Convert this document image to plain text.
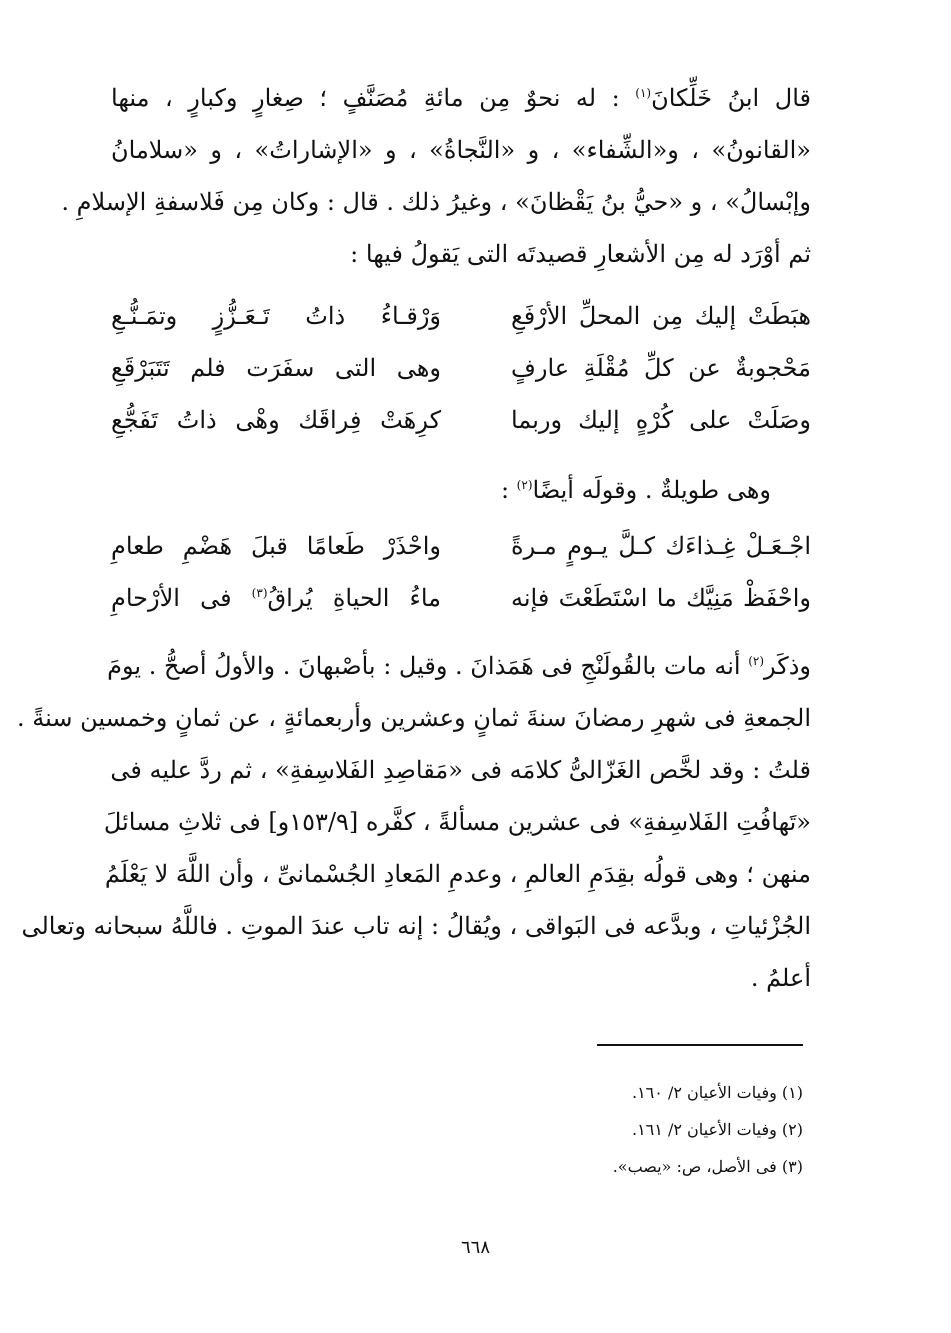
قال ابنُ خَلِّكانَ$^{(١)}$ : له نحوٌ مِن مائةِ مُصَنَّفٍ ؛ صِغارٍ وكبارٍ ، منها
«القانونُ» ، و«الشِّفاء» ، و «النَّجاةُ» ، و «الإشاراتُ» ، و «سلامانُ
وإبْسالُ» ، و «حيُّ بنُ يَقْظانَ» ، وغيرُ ذلك . قال : وكان مِن فَلاسفةِ الإسلامِ .
ثم أوْرَد له مِن الأشعارِ قصيدتَه التى يَقولُ فيها :
هبَطَتْ إليك مِن المحلِّ الأرْفَعِ
وَرْقـاءُ ذاتُ تَـعَـزُّزٍ وتمَـنُّـعِ
مَحْجوبةٌ عن كلِّ مُقْلَةِ عارفٍ
وهى التى سفَرَت فلم تَتَبَرْقَعِ
وصَلَتْ على كُرْهٍ إليك وربما
كرِهَتْ فِراقَك وهْى ذاتُ تَفَجُّعِ
وهى طويلةٌ . وقولَه أيضًا$^{(٢)}$ :
اجْـعَـلْ غِـذاءَك كـلَّ يـومٍ مـرةً
واحْذَرْ طَعامًا قبلَ هَضْمِ طعامِ
واحْفَظْ مَنِيَّك ما اسْتَطَعْتَ فإنه
ماءُ الحياةِ يُراقُ$^{(٣)}$ فى الأرْحامِ
وذكَر$^{(٢)}$ أنه مات بالقُولَنْجِ فى هَمَذانَ . وقيل : بأصْبهانَ . والأولُ أصحُّ . يومَ
الجمعةِ فى شهرِ رمضانَ سنةَ ثمانٍ وعشرين وأربعمائةٍ ، عن ثمانٍ وخمسين سنةً .
قلتُ : وقد لخَّص الغَزّالىُّ كلامَه فى «مَقاصِدِ الفَلاسِفةِ» ، ثم ردَّ عليه فى
«تَهافُتِ الفَلاسِفةِ» فى عشرين مسألةً ، كفَّره [١٥٣/٩و] فى ثلاثِ مسائلَ
منهن ؛ وهى قولُه بقِدَمِ العالمِ ، وعدمِ المَعادِ الجُسْمانىِّ ، وأن اللَّهَ لا يَعْلَمُ
الجُزْئياتِ ، وبدَّعه فى البَواقى ، ويُقالُ : إنه تاب عندَ الموتِ . فاللَّهُ سبحانه وتعالى
أعلمُ .
(١) وفيات الأعيان ٢/ ١٦٠.
(٢) وفيات الأعيان ٢/ ١٦١.
(٣) فى الأصل، ص: «يصب».
٦٦٨
